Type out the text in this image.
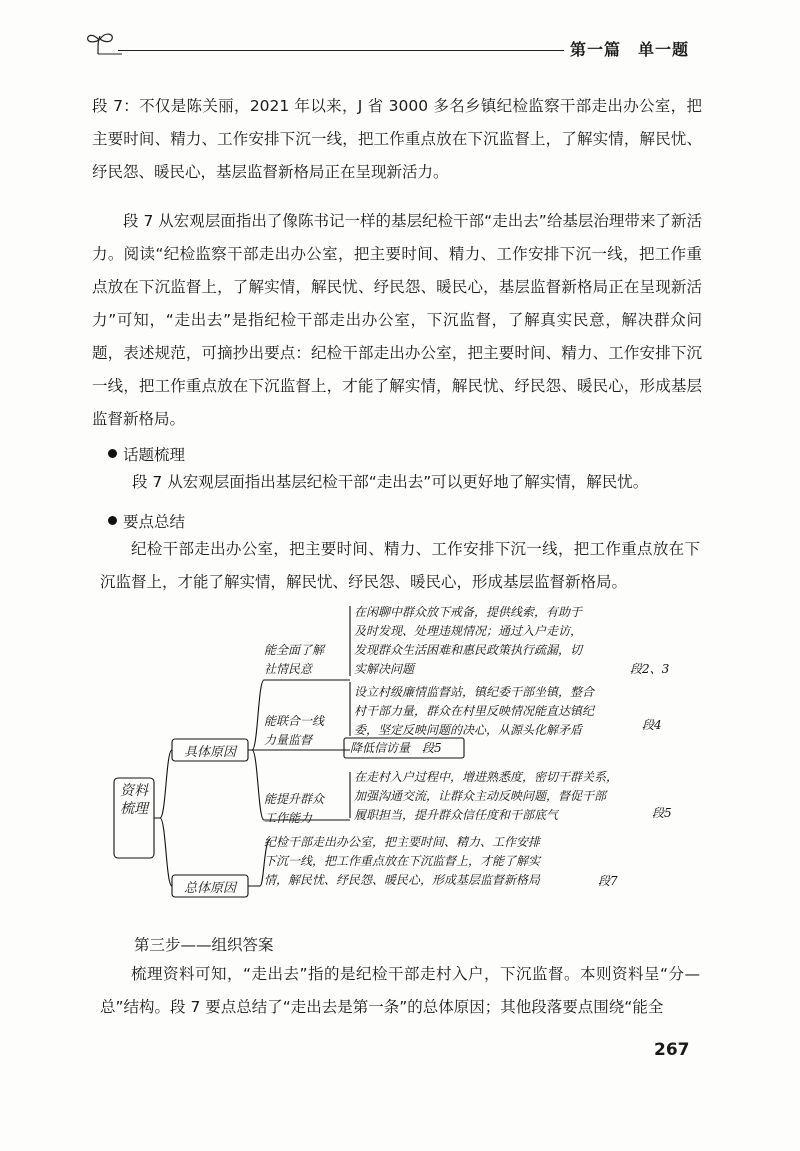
第一篇　单一题
段 7：不仅是陈关丽，2021 年以来，J 省 3000 多名乡镇纪检监察干部走出办公室，把主要时间、精力、工作安排下沉一线，把工作重点放在下沉监督上，了解实情，解民忧、纾民怨、暖民心，基层监督新格局正在呈现新活力。
段 7 从宏观层面指出了像陈书记一样的基层纪检干部“走出去”给基层治理带来了新活力。阅读“纪检监察干部走出办公室，把主要时间、精力、工作安排下沉一线，把工作重点放在下沉监督上，了解实情，解民忧、纾民怨、暖民心，基层监督新格局正在呈现新活力”可知，“走出去”是指纪检干部走出办公室，下沉监督，了解真实民意，解决群众问题，表述规范，可摘抄出要点：纪检干部走出办公室，把主要时间、精力、工作安排下沉一线，把工作重点放在下沉监督上，才能了解实情，解民忧、纾民怨、暖民心，形成基层监督新格局。
话题梳理
段 7 从宏观层面指出基层纪检干部“走出去”可以更好地了解实情，解民忧。
要点总结
纪检干部走出办公室，把主要时间、精力、工作安排下沉一线，把工作重点放在下沉监督上，才能了解实情，解民忧、纾民怨、暖民心，形成基层监督新格局。
资料梳理
具体原因
总体原因
能全面了解
社情民意
在闲聊中群众放下戒备，提供线索，有助于
及时发现、处理违规情况；通过入户走访，
发现群众生活困难和惠民政策执行疏漏，切
实解决问题	段2、3
能联合一线
力量监督
设立村级廉情监督站，镇纪委干部坐镇，整合
村干部力量，群众在村里反映情况能直达镇纪
委，坚定反映问题的决心，从源头化解矛盾	段4
降低信访量　段5
能提升群众
工作能力
在走村入户过程中，增进熟悉度，密切干群关系，
加强沟通交流，让群众主动反映问题，督促干部
履职担当，提升群众信任度和干部底气	段5
纪检干部走出办公室，把主要时间、精力、工作安排
下沉一线，把工作重点放在下沉监督上，才能了解实
情，解民忧、纾民怨、暖民心，形成基层监督新格局	段7
第三步——组织答案
梳理资料可知，“走出去”指的是纪检干部走村入户，下沉监督。本则资料呈“分—总”结构。段 7 要点总结了“走出去是第一条”的总体原因；其他段落要点围绕“能全
267
